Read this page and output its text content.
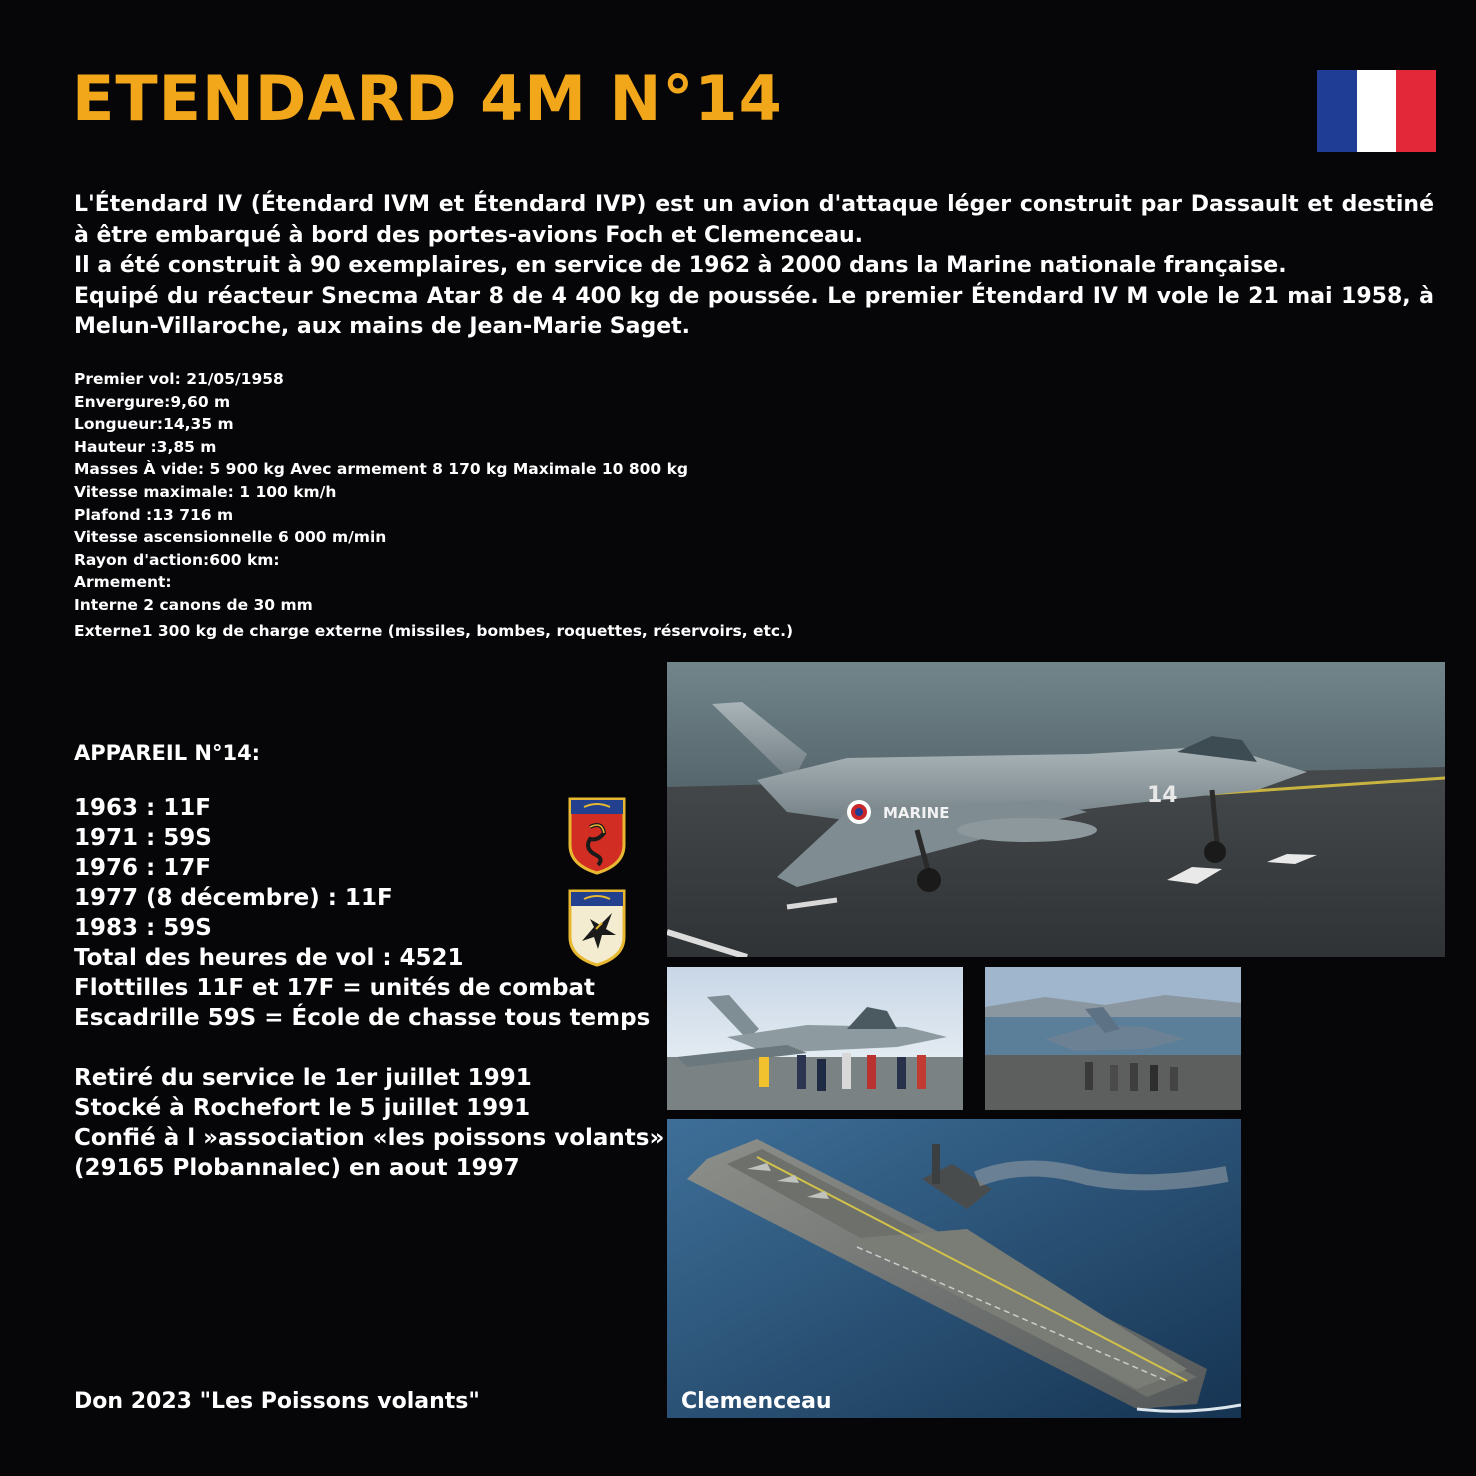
ETENDARD 4M N°14

L'Étendard IV (Étendard IVM et Étendard IVP) est un avion d'attaque léger construit par Dassault et destiné à être embarqué à bord des portes-avions Foch et Clemenceau.

Il a été construit à 90 exemplaires, en service de 1962 à 2000 dans la Marine nationale française.

Equipé du réacteur Snecma Atar 8 de 4 400 kg de poussée. Le premier Étendard IV M vole le 21 mai 1958, à Melun-Villaroche, aux mains de Jean-Marie Saget.

Premier vol: 21/05/1958
Envergure:9,60 m
Longueur:14,35 m
Hauteur :3,85 m
Masses À vide: 5 900 kg Avec armement 8 170 kg Maximale 10 800 kg
Vitesse maximale: 1 100 km/h
Plafond :13 716 m
Vitesse ascensionnelle 6 000 m/min
Rayon d'action:600 km:
Armement:
Interne 2 canons de 30 mm
Externe1 300 kg de charge externe (missiles, bombes, roquettes, réservoirs, etc.)
APPAREIL N°14:
1963 : 11F
1971 : 59S
1976 : 17F
1977 (8 décembre) : 11F
1983 : 59S
Total des heures de vol : 4521
Flottilles 11F et 17F = unités de combat
Escadrille 59S = École de chasse tous temps
Retiré du service le 1er juillet 1991
Stocké à Rochefort le 5 juillet 1991
Confié à l »association «les poissons volants»
(29165 Plobannalec) en aout 1997
MARINE
14
Don 2023 "Les Poissons volants"	Clemenceau
